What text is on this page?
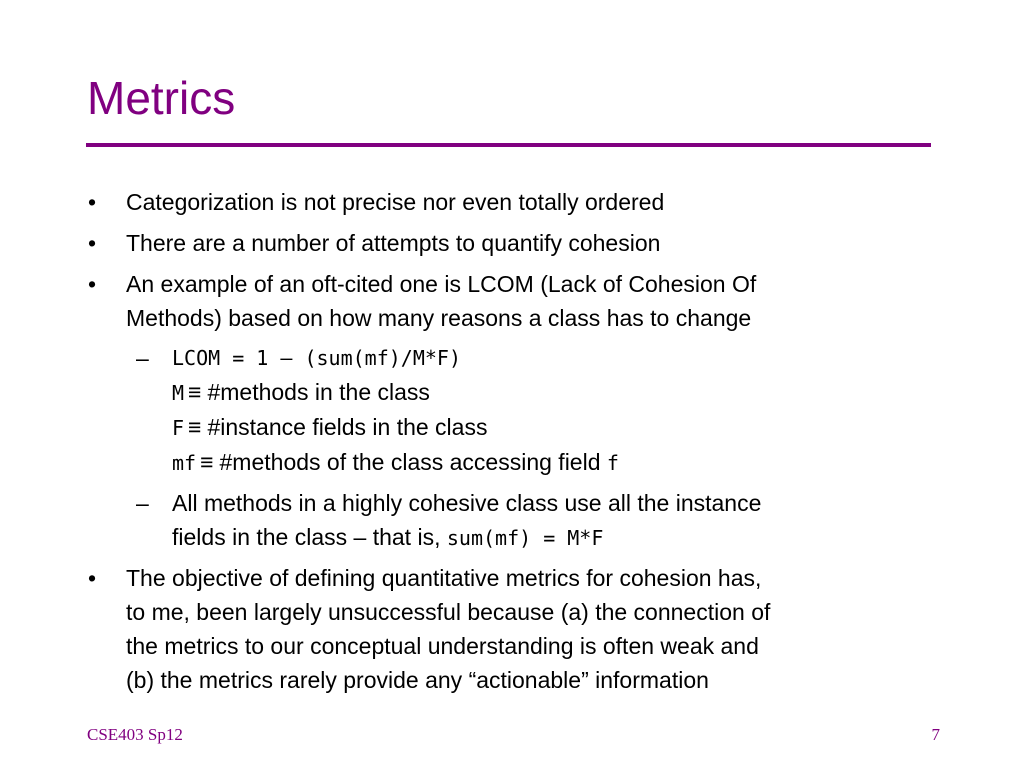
Metrics
• Categorization is not precise nor even totally ordered
• There are a number of attempts to quantify cohesion
• An example of an oft-cited one is LCOM (Lack of Cohesion Of
Methods) based on how many reasons a class has to change
– LCOM = 1 – (sum(mf)/M*F)
M ≡ #methods in the class
F ≡ #instance fields in the class
mf ≡ #methods of the class accessing field f
– All methods in a highly cohesive class use all the instance
fields in the class – that is, sum(mf) = M*F
• The objective of defining quantitative metrics for cohesion has,
to me, been largely unsuccessful because (a) the connection of
the metrics to our conceptual understanding is often weak and
(b) the metrics rarely provide any “actionable” information
CSE403 Sp12	7
